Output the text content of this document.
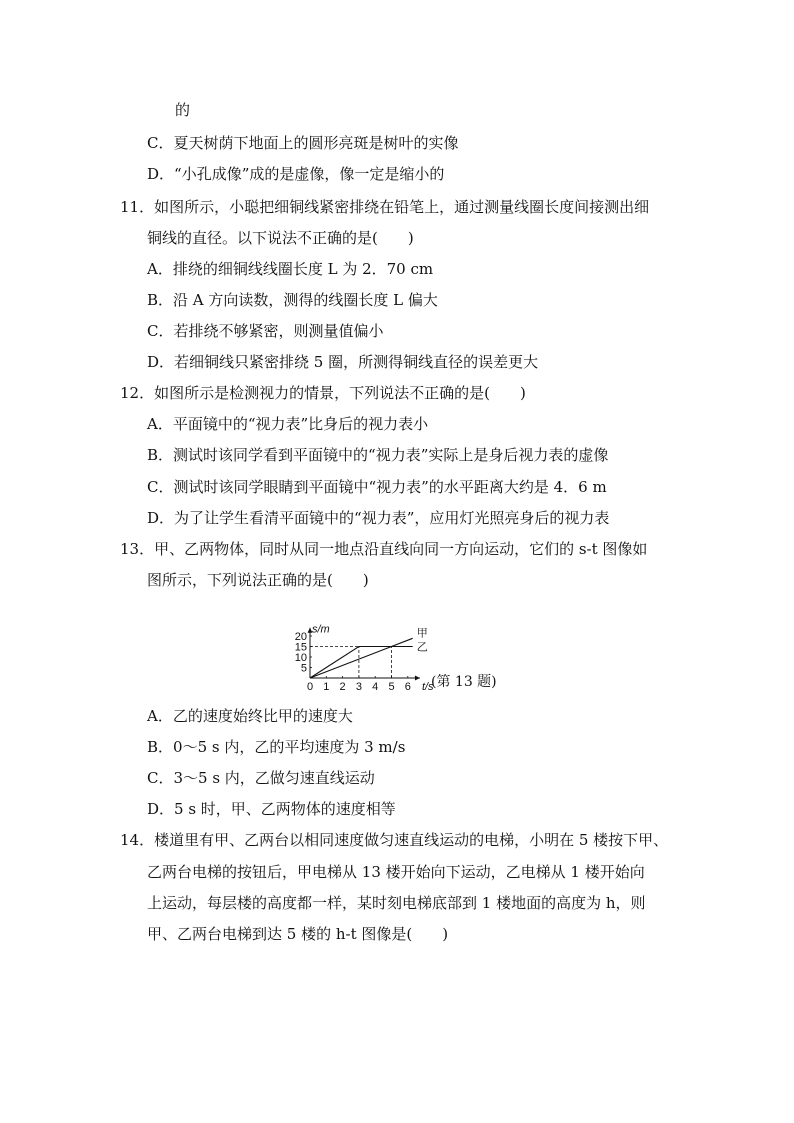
的
C．夏天树荫下地面上的圆形亮斑是树叶的实像
D．“小孔成像”成的是虚像，像一定是缩小的
11．如图所示，小聪把细铜线紧密排绕在铅笔上，通过测量线圈长度间接测出细
铜线的直径。以下说法不正确的是(　　)
A．排绕的细铜线线圈长度 L 为 2．70 cm
B．沿 A 方向读数，测得的线圈长度 L 偏大
C．若排绕不够紧密，则测量值偏小
D．若细铜线只紧密排绕 5 圈，所测得铜线直径的误差更大
12．如图所示是检测视力的情景，下列说法不正确的是(　　)
A．平面镜中的“视力表”比身后的视力表小
B．测试时该同学看到平面镜中的“视力表”实际上是身后视力表的虚像
C．测试时该同学眼睛到平面镜中“视力表”的水平距离大约是 4．6 m
D．为了让学生看清平面镜中的“视力表”，应用灯光照亮身后的视力表
13．甲、乙两物体，同时从同一地点沿直线向同一方向运动，它们的 s-t 图像如
图所示，下列说法正确的是(　　)
t/s
s/m
0 1 2 3 4 5 6
5
10
15
20	甲
乙
(第 13 题)
A．乙的速度始终比甲的速度大
B．0～5 s 内，乙的平均速度为 3 m/s
C．3～5 s 内，乙做匀速直线运动
D．5 s 时，甲、乙两物体的速度相等
14．楼道里有甲、乙两台以相同速度做匀速直线运动的电梯，小明在 5 楼按下甲、
乙两台电梯的按钮后，甲电梯从 13 楼开始向下运动，乙电梯从 1 楼开始向
上运动，每层楼的高度都一样，某时刻电梯底部到 1 楼地面的高度为 h，则
甲、乙两台电梯到达 5 楼的 h-t 图像是(　　)
